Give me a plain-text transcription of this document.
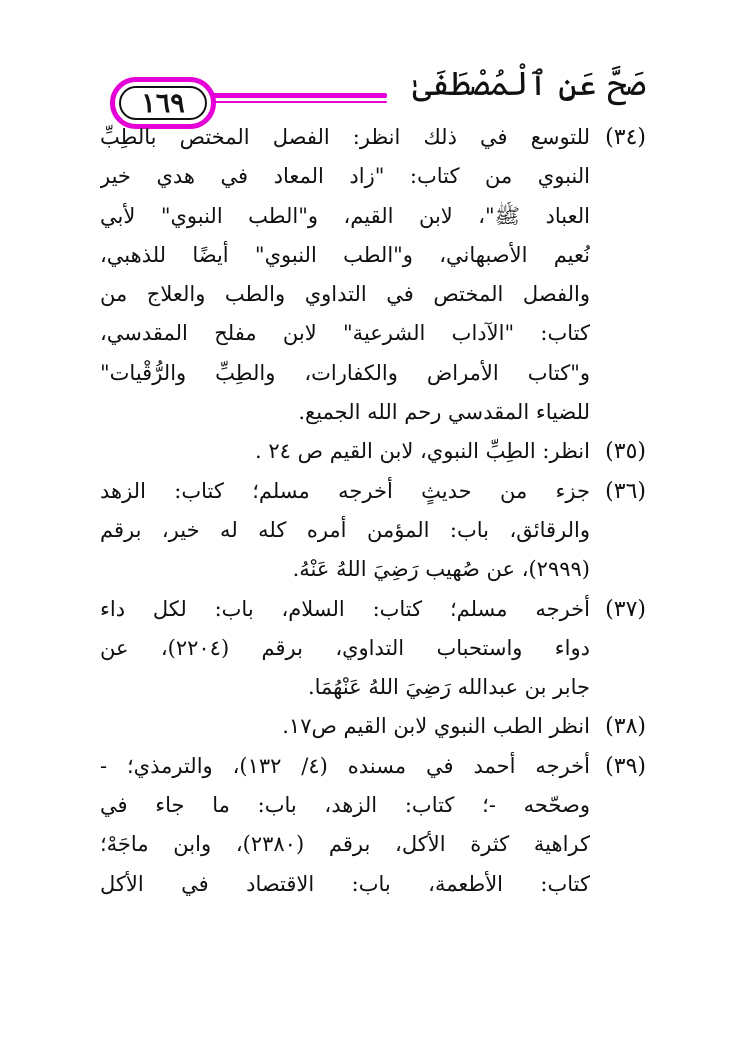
صَحَّ عَنِ ٱلْمُصْطَفَىٰ
١٦٩
(٣٤)
للتوسع في ذلك انظر: الفصل المختص بالطِبِّ
النبوي من كتاب: "زاد المعاد في هدي خير
العباد ﷺ"، لابن القيم، و"الطب النبوي" لأبي
نُعيم الأصبهاني، و"الطب النبوي" أيضًا للذهبي،
والفصل المختص في التداوي والطب والعلاج من
كتاب: "الآداب الشرعية" لابن مفلح المقدسي،
و"كتاب الأمراض والكفارات، والطِبِّ والرُّقْيات"
للضياء المقدسي رحم الله الجميع.
(٣٥)
انظر: الطِبِّ النبوي، لابن القيم ص ٢٤ .
(٣٦)
جزء من حديثٍ أخرجه مسلم؛ كتاب: الزهد
والرقائق، باب: المؤمن أمره كله له خير، برقم
(٢٩٩٩)، عن صُهيب رَضِيَ اللهُ عَنْهُ.
(٣٧)
أخرجه مسلم؛ كتاب: السلام، باب: لكل داء
دواء واستحباب التداوي، برقم (٢٢٠٤)، عن
جابر بن عبدالله رَضِيَ اللهُ عَنْهُمَا.
(٣٨)
انظر الطب النبوي لابن القيم ص١٧.
(٣٩)
أخرجه أحمد في مسنده (٤/ ١٣٢)، والترمذي؛ -
وصحّحه -؛ كتاب: الزهد، باب: ما جاء في
كراهية كثرة الأكل، برقم (٢٣٨٠)، وابن ماجَهْ؛
كتاب: الأطعمة، باب: الاقتصاد في الأكل
